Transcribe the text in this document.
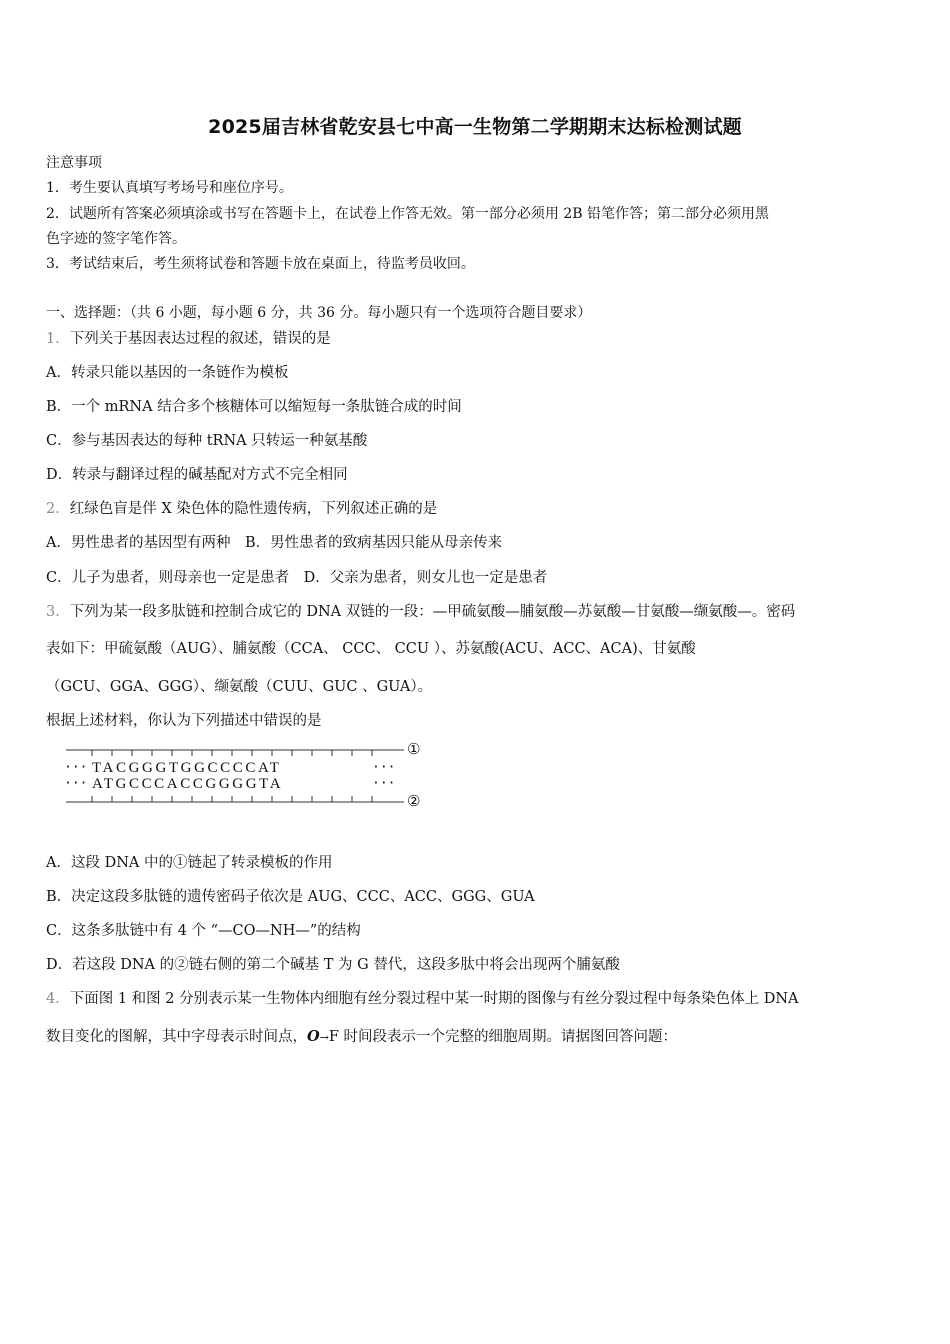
2025届吉林省乾安县七中高一生物第二学期期末达标检测试题
注意事项
1．考生要认真填写考场号和座位序号。
2．试题所有答案必须填涂或书写在答题卡上，在试卷上作答无效。第一部分必须用 2B 铅笔作答；第二部分必须用黑
色字迹的签字笔作答。
3．考试结束后，考生须将试卷和答题卡放在桌面上，待监考员收回。
一、选择题：（共 6 小题，每小题 6 分，共 36 分。每小题只有一个选项符合题目要求）
1．下列关于基因表达过程的叙述，错误的是
A．转录只能以基因的一条链作为模板
B．一个 mRNA 结合多个核糖体可以缩短每一条肽链合成的时间
C．参与基因表达的每种 tRNA 只转运一种氨基酸
D．转录与翻译过程的碱基配对方式不完全相同
2．红绿色盲是伴 X 染色体的隐性遗传病，下列叙述正确的是
A．男性患者的基因型有两种　B．男性患者的致病基因只能从母亲传来
C．儿子为患者，则母亲也一定是患者　D．父亲为患者，则女儿也一定是患者
3．下列为某一段多肽链和控制合成它的 DNA 双链的一段：—甲硫氨酸—脯氨酸—苏氨酸—甘氨酸—缬氨酸—。密码
表如下：甲硫氨酸（AUG）、脯氨酸（CCA、 CCC、 CCU ）、苏氨酸(ACU、ACC、ACA)、甘氨酸
（GCU、GGA、GGG）、缬氨酸（CUU、GUC 、GUA）。
根据上述材料，你认为下列描述中错误的是
①
②
··· TACGGGTGGCCCCAT	···
··· ATGCCCACCGGGGTA	···
A．这段 DNA 中的①链起了转录模板的作用
B．决定这段多肽链的遗传密码子依次是 AUG、CCC、ACC、GGG、GUA
C．这条多肽链中有 4 个 “—CO—NH—”的结构
D．若这段 DNA 的②链右侧的第二个碱基 T 为 G 替代，这段多肽中将会出现两个脯氨酸
4．下面图 1 和图 2 分别表示某一生物体内细胞有丝分裂过程中某一时期的图像与有丝分裂过程中每条染色体上 DNA
数目变化的图解，其中字母表示时间点，O→F 时间段表示一个完整的细胞周期。请据图回答问题：
